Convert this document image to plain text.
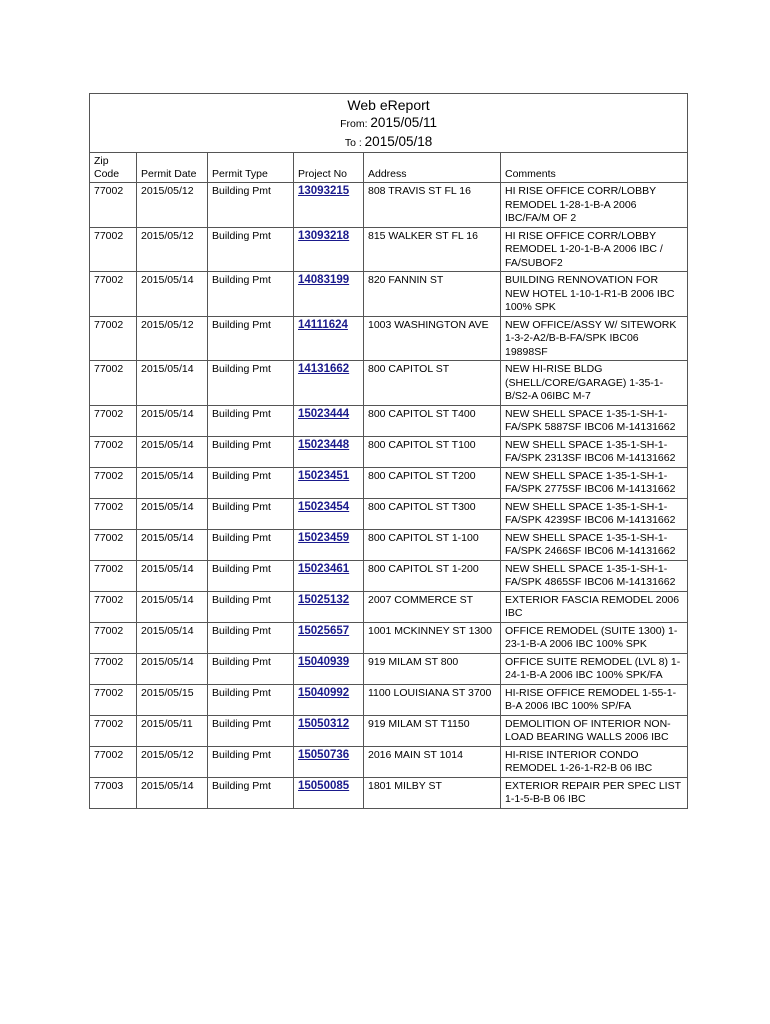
Web eReport
From: 2015/05/11
To : 2015/05/18					

Zip Code	Permit Date	Permit Type	Project No	Address	Comments
77002	2015/05/12	Building Pmt	13093215	808 TRAVIS ST FL 16	HI RISE OFFICE CORR/LOBBY REMODEL 1-28-1-B-A 2006 IBC/FA/M OF 2
77002	2015/05/12	Building Pmt	13093218	815 WALKER ST FL 16	HI RISE OFFICE CORR/LOBBY REMODEL 1-20-1-B-A 2006 IBC / FA/SUBOF2
77002	2015/05/14	Building Pmt	14083199	820 FANNIN ST	BUILDING RENNOVATION FOR NEW HOTEL 1-10-1-R1-B 2006 IBC 100% SPK
77002	2015/05/12	Building Pmt	14111624	1003 WASHINGTON AVE	NEW OFFICE/ASSY W/ SITEWORK 1-3-2-A2/B-B-FA/SPK IBC06 19898SF
77002	2015/05/14	Building Pmt	14131662	800 CAPITOL ST	NEW HI-RISE BLDG (SHELL/CORE/GARAGE) 1-35-1-B/S2-A 06IBC M-7
77002	2015/05/14	Building Pmt	15023444	800 CAPITOL ST T400	NEW SHELL SPACE 1-35-1-SH-1-FA/SPK 5887SF IBC06 M-14131662
77002	2015/05/14	Building Pmt	15023448	800 CAPITOL ST T100	NEW SHELL SPACE 1-35-1-SH-1-FA/SPK 2313SF IBC06 M-14131662
77002	2015/05/14	Building Pmt	15023451	800 CAPITOL ST T200	NEW SHELL SPACE 1-35-1-SH-1-FA/SPK 2775SF IBC06 M-14131662
77002	2015/05/14	Building Pmt	15023454	800 CAPITOL ST T300	NEW SHELL SPACE 1-35-1-SH-1-FA/SPK 4239SF IBC06 M-14131662
77002	2015/05/14	Building Pmt	15023459	800 CAPITOL ST 1-100	NEW SHELL SPACE 1-35-1-SH-1-FA/SPK 2466SF IBC06 M-14131662
77002	2015/05/14	Building Pmt	15023461	800 CAPITOL ST 1-200	NEW SHELL SPACE 1-35-1-SH-1-FA/SPK 4865SF IBC06 M-14131662
77002	2015/05/14	Building Pmt	15025132	2007 COMMERCE ST	EXTERIOR FASCIA REMODEL 2006 IBC
77002	2015/05/14	Building Pmt	15025657	1001 MCKINNEY ST 1300	OFFICE REMODEL (SUITE 1300) 1-23-1-B-A 2006 IBC 100% SPK
77002	2015/05/14	Building Pmt	15040939	919 MILAM ST 800	OFFICE SUITE REMODEL (LVL 8) 1-24-1-B-A 2006 IBC 100% SPK/FA
77002	2015/05/15	Building Pmt	15040992	1100 LOUISIANA ST 3700	HI-RISE OFFICE REMODEL 1-55-1-B-A 2006 IBC 100% SP/FA
77002	2015/05/11	Building Pmt	15050312	919 MILAM ST T1150	DEMOLITION OF INTERIOR NON-LOAD BEARING WALLS 2006 IBC
77002	2015/05/12	Building Pmt	15050736	2016 MAIN ST 1014	HI-RISE INTERIOR CONDO REMODEL 1-26-1-R2-B 06 IBC
77003	2015/05/14	Building Pmt	15050085	1801 MILBY ST	EXTERIOR REPAIR PER SPEC LIST 1-1-5-B-B 06 IBC
